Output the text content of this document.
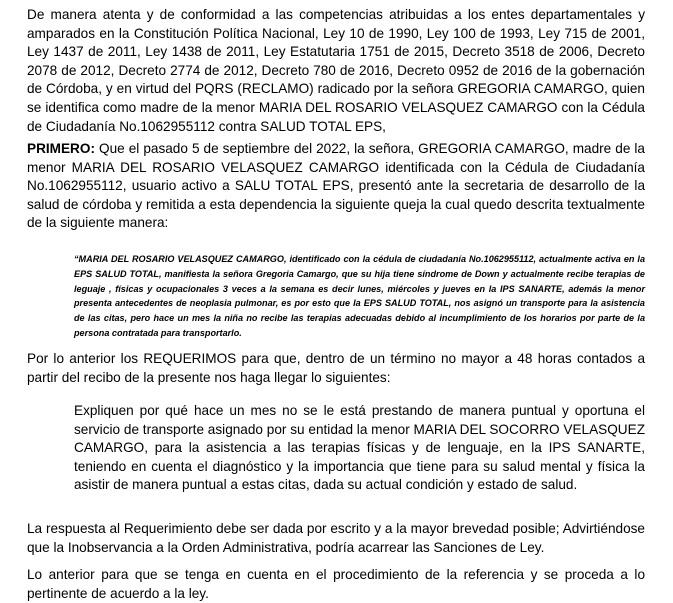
De manera atenta y de conformidad a las competencias atribuidas a los entes departamentales y amparados en la Constitución Política Nacional, Ley 10 de 1990, Ley 100 de 1993, Ley 715 de 2001, Ley 1437 de 2011, Ley 1438 de 2011, Ley Estatutaria 1751 de 2015, Decreto 3518 de 2006, Decreto 2078 de 2012, Decreto 2774 de 2012, Decreto 780 de 2016, Decreto 0952 de 2016 de la gobernación de Córdoba, y en virtud del PQRS (RECLAMO) radicado por la señora GREGORIA CAMARGO, quien se identifica como madre de la menor MARIA DEL ROSARIO VELASQUEZ CAMARGO con la Cédula de Ciudadanía No.1062955112 contra SALUD TOTAL EPS,

PRIMERO: Que el pasado 5 de septiembre del 2022, la señora, GREGORIA CAMARGO, madre de la menor MARIA DEL ROSARIO VELASQUEZ CAMARGO identificada con la Cédula de Ciudadanía No.1062955112, usuario activo a SALU TOTAL EPS, presentó ante la secretaria de desarrollo de la salud de córdoba y remitida a esta dependencia la siguiente queja la cual quedo descrita textualmente de la siguiente manera:

“MARIA DEL ROSARIO VELASQUEZ CAMARGO, identificado con la cédula de ciudadanía No.1062955112, actualmente activa en la EPS SALUD TOTAL, manifiesta la señora Gregoria Camargo, que su hija tiene síndrome de Down y actualmente recibe terapias de leguaje , físicas y ocupacionales 3 veces a la semana es decir lunes, miércoles y jueves en la IPS SANARTE, además la menor presenta antecedentes de neoplasia pulmonar, es por esto que la EPS SALUD TOTAL, nos asignó un transporte para la asistencia de las citas, pero hace un mes la niña no recibe las terapias adecuadas debido al incumplimiento de los horarios por parte de la persona contratada para transportarlo.

Por lo anterior los REQUERIMOS para que, dentro de un término no mayor a 48 horas contados a partir del recibo de la presente nos haga llegar lo siguientes:

Expliquen por qué hace un mes no se le está prestando de manera puntual y oportuna el servicio de transporte asignado por su entidad la menor MARIA DEL SOCORRO VELASQUEZ CAMARGO, para la asistencia a las terapias físicas y de lenguaje, en la IPS SANARTE, teniendo en cuenta el diagnóstico y la importancia que tiene para su salud mental y física la asistir de manera puntual a estas citas, dada su actual condición y estado de salud.

La respuesta al Requerimiento debe ser dada por escrito y a la mayor brevedad posible; Advirtiéndose que la Inobservancia a la Orden Administrativa, podría acarrear las Sanciones de Ley.

Lo anterior para que se tenga en cuenta en el procedimiento de la referencia y se proceda a lo pertinente de acuerdo a la ley.
